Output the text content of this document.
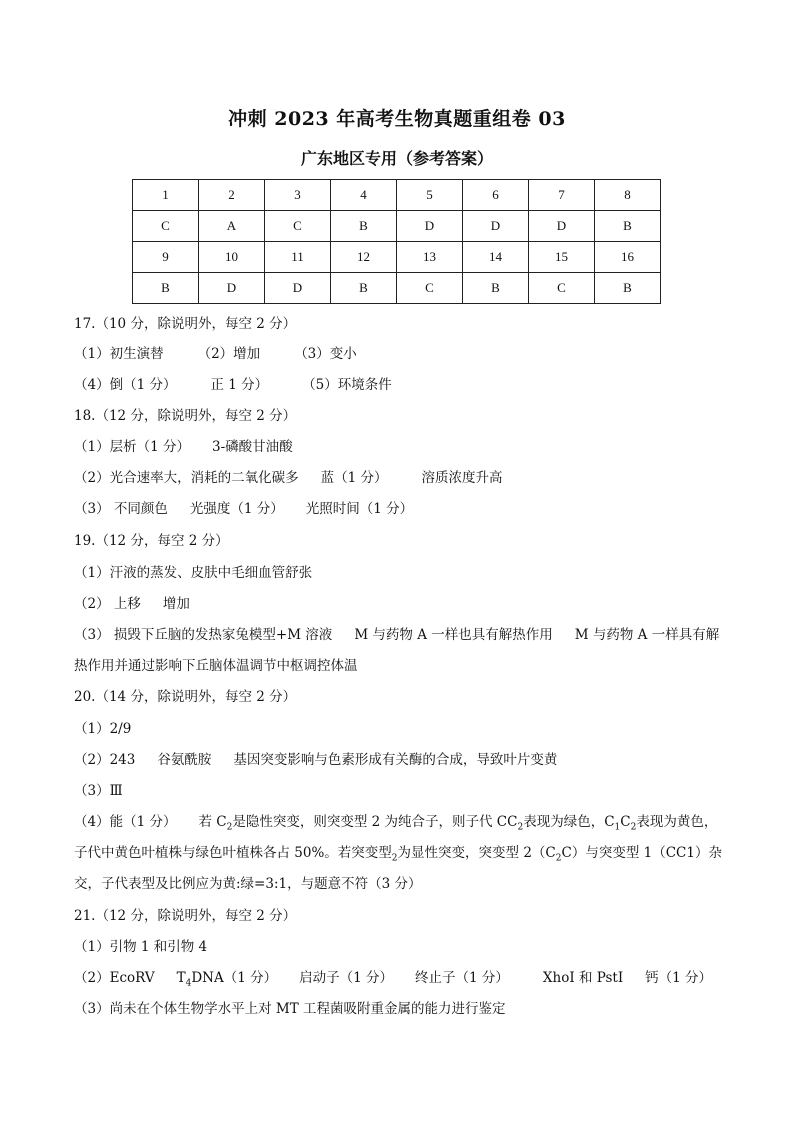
冲刺 2023 年高考生物真题重组卷 03
广东地区专用（参考答案）
1	2	3	4	5	6	7	8
C	A	C	B	D	D	D	B
9	10	11	12	13	14	15	16
B	D	D	B	C	B	C	B
17.（10 分，除说明外，每空 2 分）
（1）初生演替	（2）增加	（3）变小
（4）倒（1 分）	正 1 分）	（5）环境条件
18.（12 分，除说明外，每空 2 分）
（1）层析（1 分） 3-磷酸甘油酸
（2）光合速率大，消耗的二氧化碳多 蓝（1 分）	溶质浓度升高
（3） 不同颜色 光强度（1 分） 光照时间（1 分）
19.（12 分，每空 2 分）
（1）汗液的蒸发、皮肤中毛细血管舒张
（2） 上移 增加
（3） 损毁下丘脑的发热家兔模型+M 溶液 M 与药物 A 一样也具有解热作用 M 与药物 A 一样具有解
热作用并通过影响下丘脑体温调节中枢调控体温
20.（14 分，除说明外，每空 2 分）
（1）2/9
（2）243 谷氨酰胺 基因突变影响与色素形成有关酶的合成，导致叶片变黄
（3）Ⅲ
（4）能（1 分） 若 $C_2$是隐性突变，则突变型 2 为纯合子，则子代 $CC_2$表现为绿色，$C_1C_2$表现为黄色，
子代中黄色叶植株与绿色叶植株各占 50%。若突变型$_2$为显性突变，突变型 $2(C_2C)$与突变型 1（CC1）杂
交，子代表型及比例应为黄:绿=3:1，与题意不符（3 分）
21.（12 分，除说明外，每空 2 分）
（1）引物 1 和引物 4
（2）EcoRV $T_4DNA(1$ 分） 启动子（1 分） 终止子（1 分）	XhoI 和 PstI 钙（1 分）
（3）尚未在个体生物学水平上对 MT 工程菌吸附重金属的能力进行鉴定
